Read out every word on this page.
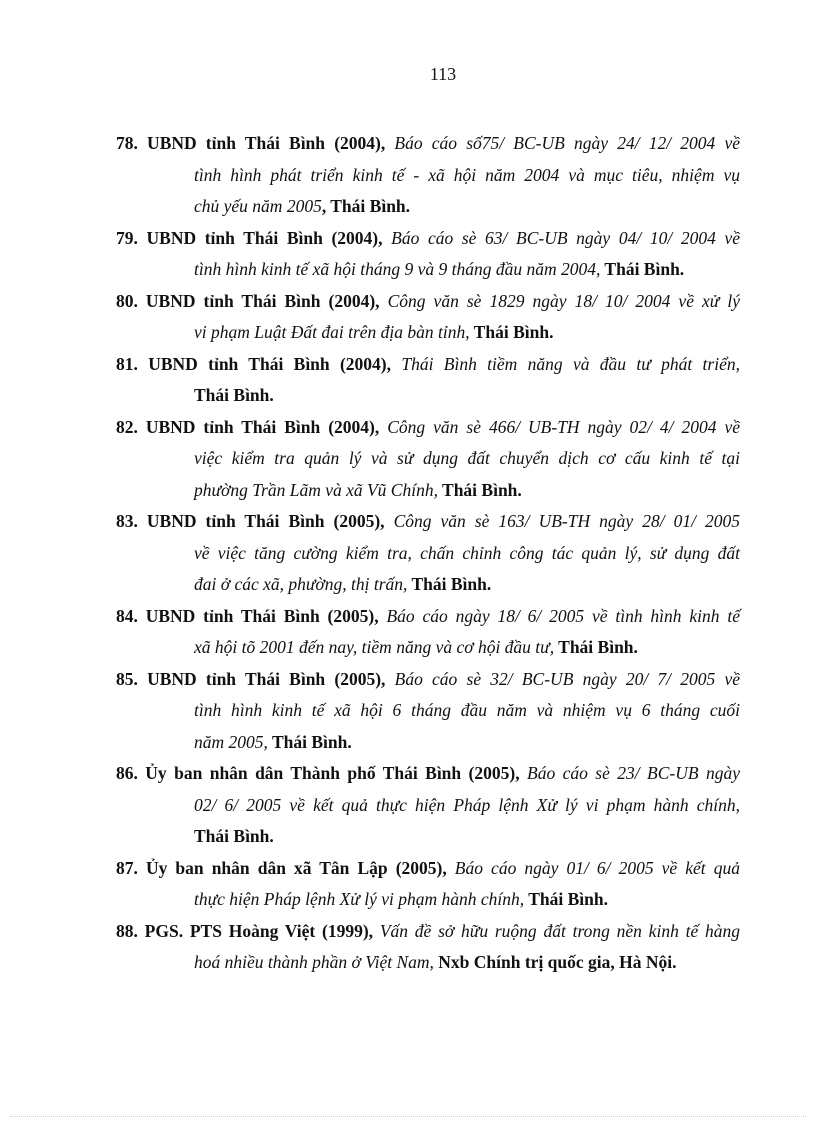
113
78. UBND tỉnh Thái Bình (2004), Báo cáo số75/ BC-UB ngày 24/ 12/ 2004 về
tình hình phát triển kinh tế - xã hội năm 2004 và mục tiêu, nhiệm vụ
chủ yếu năm 2005, Thái Bình.
79. UBND tỉnh Thái Bình (2004), Báo cáo sè 63/ BC-UB ngày 04/ 10/ 2004 về
tình hình kinh tế xã hội tháng 9 và 9 tháng đầu năm 2004, Thái Bình.
80. UBND tỉnh Thái Bình (2004), Công văn sè 1829 ngày 18/ 10/ 2004 về xử lý
vi phạm Luật Đất đai trên địa bàn tỉnh, Thái Bình.
81. UBND tỉnh Thái Bình (2004), Thái Bình tiềm năng và đầu tư phát triển,
Thái Bình.
82. UBND tỉnh Thái Bình (2004), Công văn sè 466/ UB-TH ngày 02/ 4/ 2004 về
việc kiểm tra quản lý và sử dụng đất chuyển dịch cơ cấu kinh tế tại
phường Trần Lãm và xã Vũ Chính, Thái Bình.
83. UBND tỉnh Thái Bình (2005), Công văn sè 163/ UB-TH ngày 28/ 01/ 2005
về việc tăng cường kiểm tra, chấn chỉnh công tác quản lý, sử dụng đất
đai ở các xã, phường, thị trấn, Thái Bình.
84. UBND tỉnh Thái Bình (2005), Báo cáo ngày 18/ 6/ 2005 về tình hình kinh tế
xã hội tõ 2001 đến nay, tiềm năng và cơ hội đầu tư, Thái Bình.
85. UBND tỉnh Thái Bình (2005), Báo cáo sè 32/ BC-UB ngày 20/ 7/ 2005 về
tình hình kinh tế xã hội 6 tháng đầu năm và nhiệm vụ 6 tháng cuối
năm 2005, Thái Bình.
86. Ủy ban nhân dân Thành phố Thái Bình (2005), Báo cáo sè 23/ BC-UB ngày
02/ 6/ 2005 về kết quả thực hiện Pháp lệnh Xử lý vi phạm hành chính,
Thái Bình.
87. Ủy ban nhân dân xã Tân Lập (2005), Báo cáo ngày 01/ 6/ 2005 về kết quả
thực hiện Pháp lệnh Xử lý vi phạm hành chính, Thái Bình.
88. PGS. PTS Hoàng Việt (1999), Vấn đề sở hữu ruộng đất trong nền kinh tế hàng
hoá nhiều thành phần ở Việt Nam, Nxb Chính trị quốc gia, Hà Nội.
